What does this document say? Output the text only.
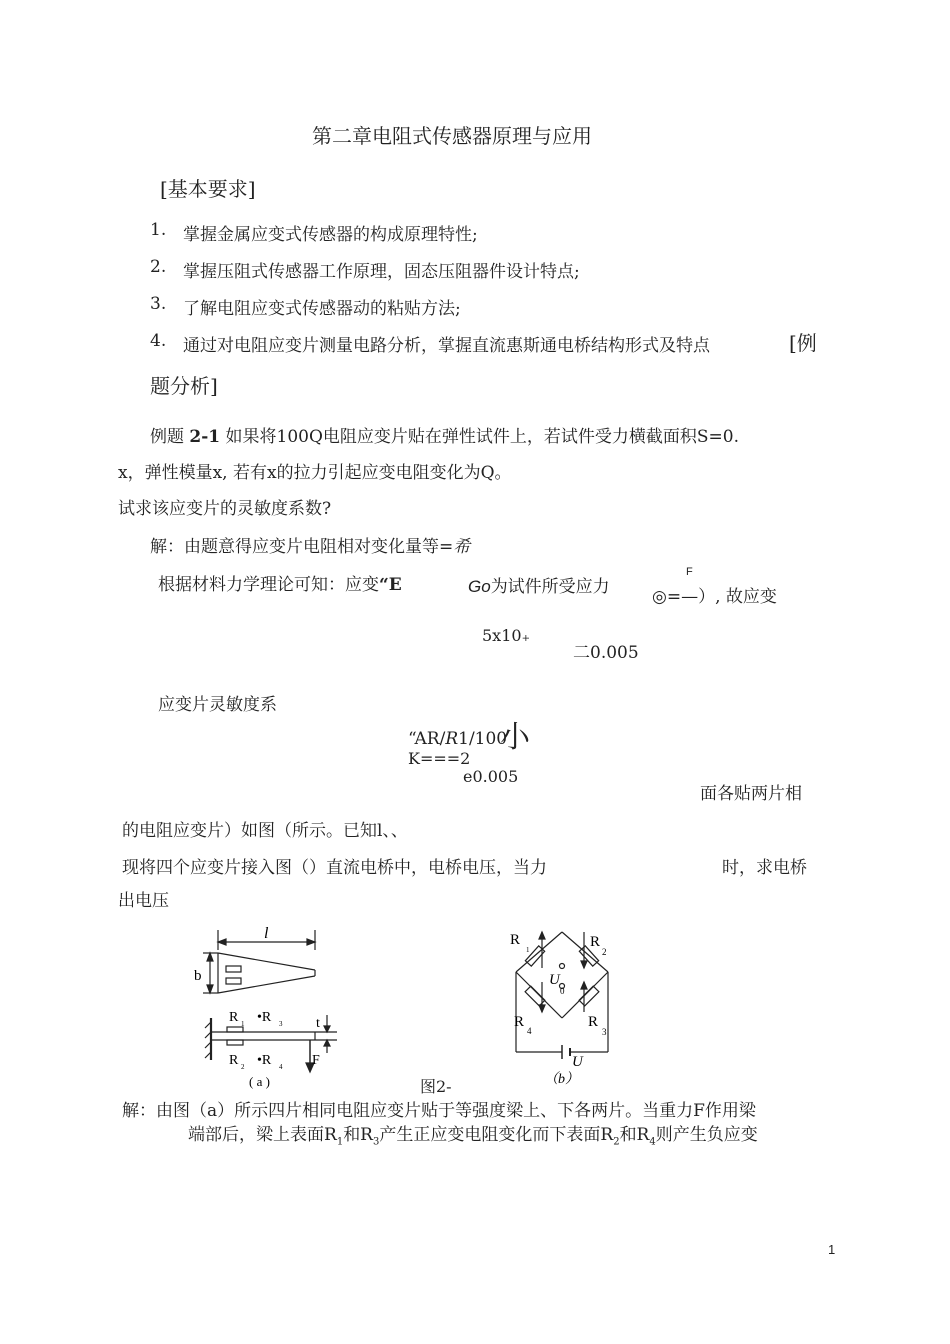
第二章电阻式传感器原理与应用
[基本要求]
1. 掌握金属应变式传感器的构成原理特性;
2. 掌握压阻式传感器工作原理，固态压阻器件设计特点;
3. 了解电阻应变式传感器动的粘贴方法;
4. 通过对电阻应变片测量电路分析，掌握直流惠斯通电桥结构形式及特点	[例
题分析]
例题 2-1 如果将100Q电阻应变片贴在弹性试件上，若试件受力横截面积S=0.
x，弹性模量x, 若有x的拉力引起应变电阻变化为Q。
试求该应变片的灵敏度系数?
解：由题意得应变片电阻相对变化量等=希
根据材料力学理论可知：应变“E	Go为试件所受应力
F
◎=—）, 故应变
5x10₊
二0.005
应变片灵敏度系
“AR/R1/100
小
K===2
e0.005
面各贴两片相
的电阻应变片）如图（所示。已知l、、
现将四个应变片接入图（）直流电桥中，电桥电压，当力	时，求电桥
出电压
l
b
R 1 •R 3 t
R 2 •R 4 F
( a )	图2-
R
1	R
2
R
4
R
3
U
0
U
（b）
解：由图（a）所示四片相同电阻应变片贴于等强度梁上、下各两片。当重力F作用梁
端部后，梁上表面$R_1$和$R_3$产生正应变电阻变化而下表面$R_2$和$R_4$则产生负应变
1
